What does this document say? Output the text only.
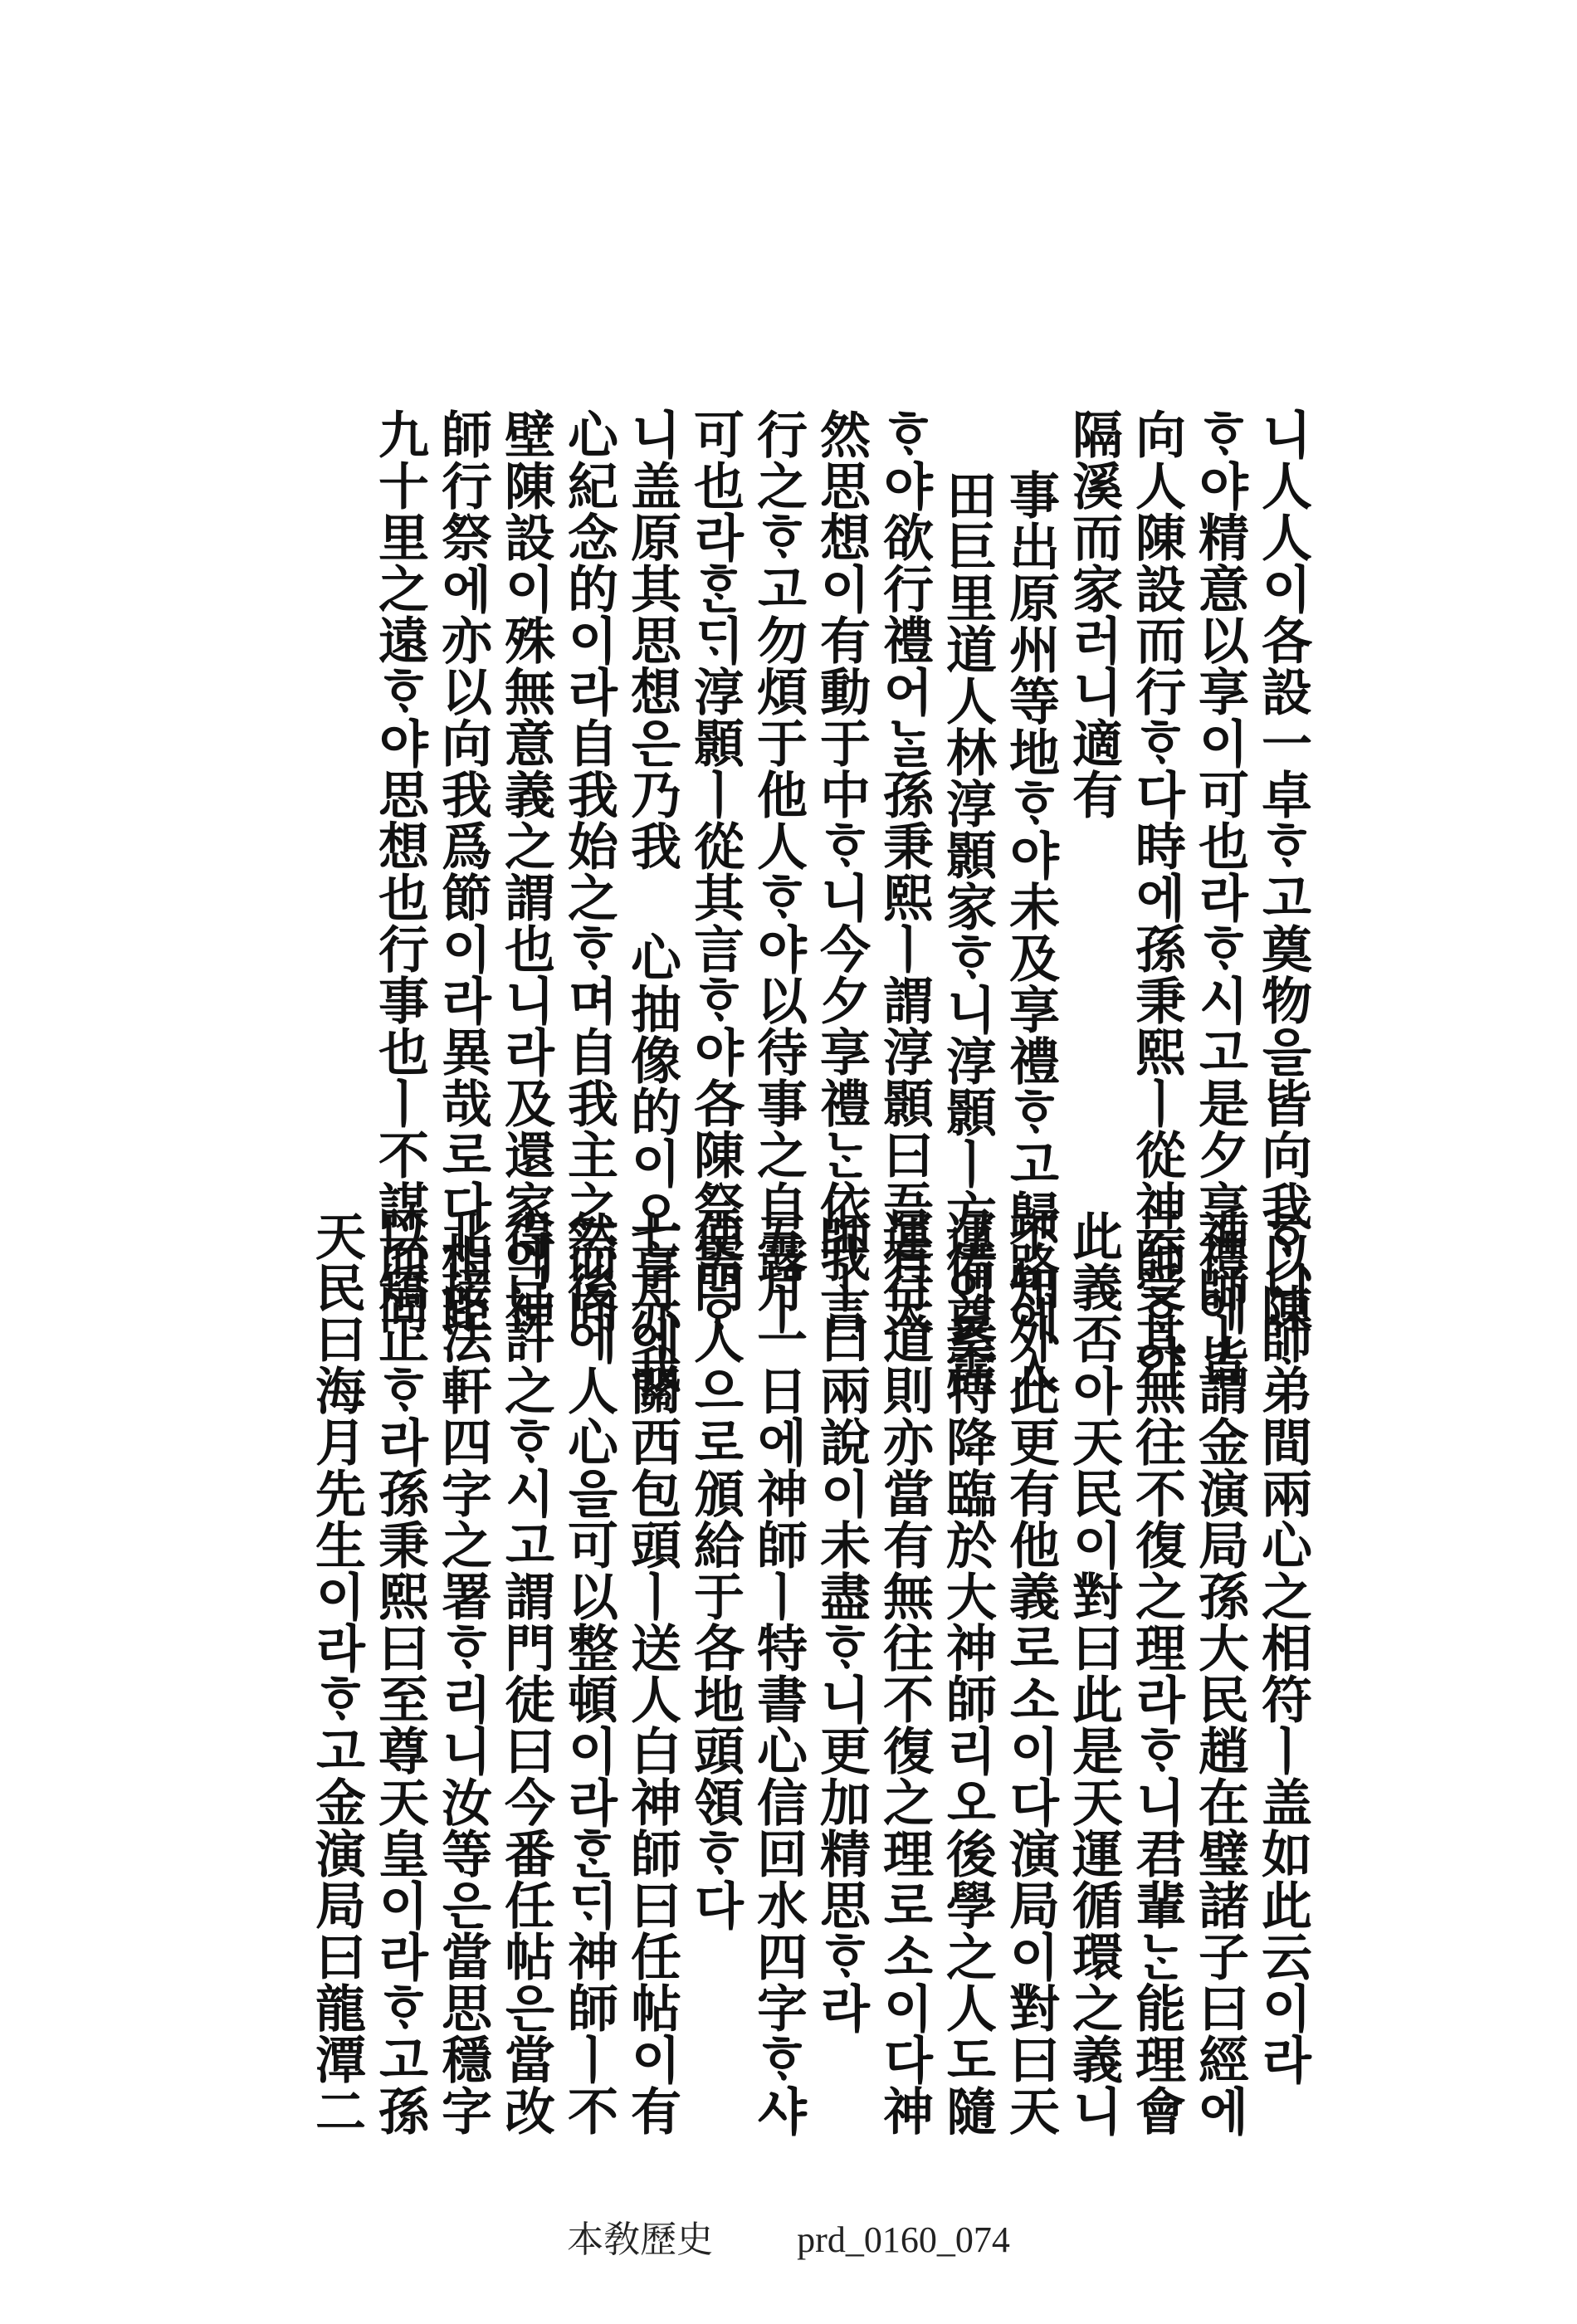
니人人이各設一卓ᄒᆞ고奠物을皆向我以陳ᆞ
ᄒᆞ야精意以享이可也라ᄒᆞ시고是夕享禮에皆
向人陳設而行ᄒᆞ다時에孫秉熙ㅣ從神師ᄒᆞ야
隔溪而家러니適有
事出原州等地ᄒᆞ야未及享禮ᄒᆞ고歸路에入
田巨里道人林淳顥家ᄒᆞ니淳顥ㅣ方備奠需
ᄒᆞ야欲行禮어ᄂᆞᆯ孫秉熙ㅣ謂淳顥曰吾有天
然思想이有動于中ᄒᆞ니今夕享禮ᄂᆞᆫ依我言
行之ᄒᆞ고勿煩于他人ᄒᆞ야以待事之自露ㅣ
可也라ᄒᆞᆫᄃᆡ淳顥ㅣ從其言ᄒᆞ야各陳祭需ᄒᆞ
니盖原其思想은乃我 心抽像的이오享亦我
心紀念的이라自我始之ᄒᆞ며自我主之而向
壁陳設이殊無意義之謂也니라及還家에神
師行祭에亦以向我爲節이라異哉로다相距
九十里之遠ᄒᆞ야思想也行事也ㅣ不謀而同
ᄒᆞ니師弟間兩心之相符ㅣ盖如此云이라
神師ㅣ謂金演局孫大民趙在璧諸子曰經에
云受其無往不復之理라ᄒᆞ니君輩ᄂᆞᆫ能理會
此義否아天民이對曰此是天運循環之義니
不知外此更有他義로소이다演局이對曰天
運이奚特降臨於大神師리오後學之人도隨
運行道則亦當有無往不復之理로소이다神
師ㅣ曰兩說이未盡ᄒᆞ니更加精思ᄒᆞ라
五月一日에神師ㅣ特書心信回水四字ᄒᆞ샤
使門人으로頒給于各地頭領ᄒᆞ다
七月에關西包頭ㅣ送人白神師曰任帖이有
然後에人心을可以整頓이라ᄒᆞᆫᄃᆡ神師ㅣ不
得已許之ᄒᆞ시고謂門徒曰今番任帖은當改
北接法軒四字之署ᄒᆞ리니汝等은當思穩字
以矯正ᄒᆞ라孫秉熙曰至尊天皇이라ᄒᆞ고孫
天民曰海月先生이라ᄒᆞ고金演局曰龍潭二
本敎歷史 prd_0160_074
